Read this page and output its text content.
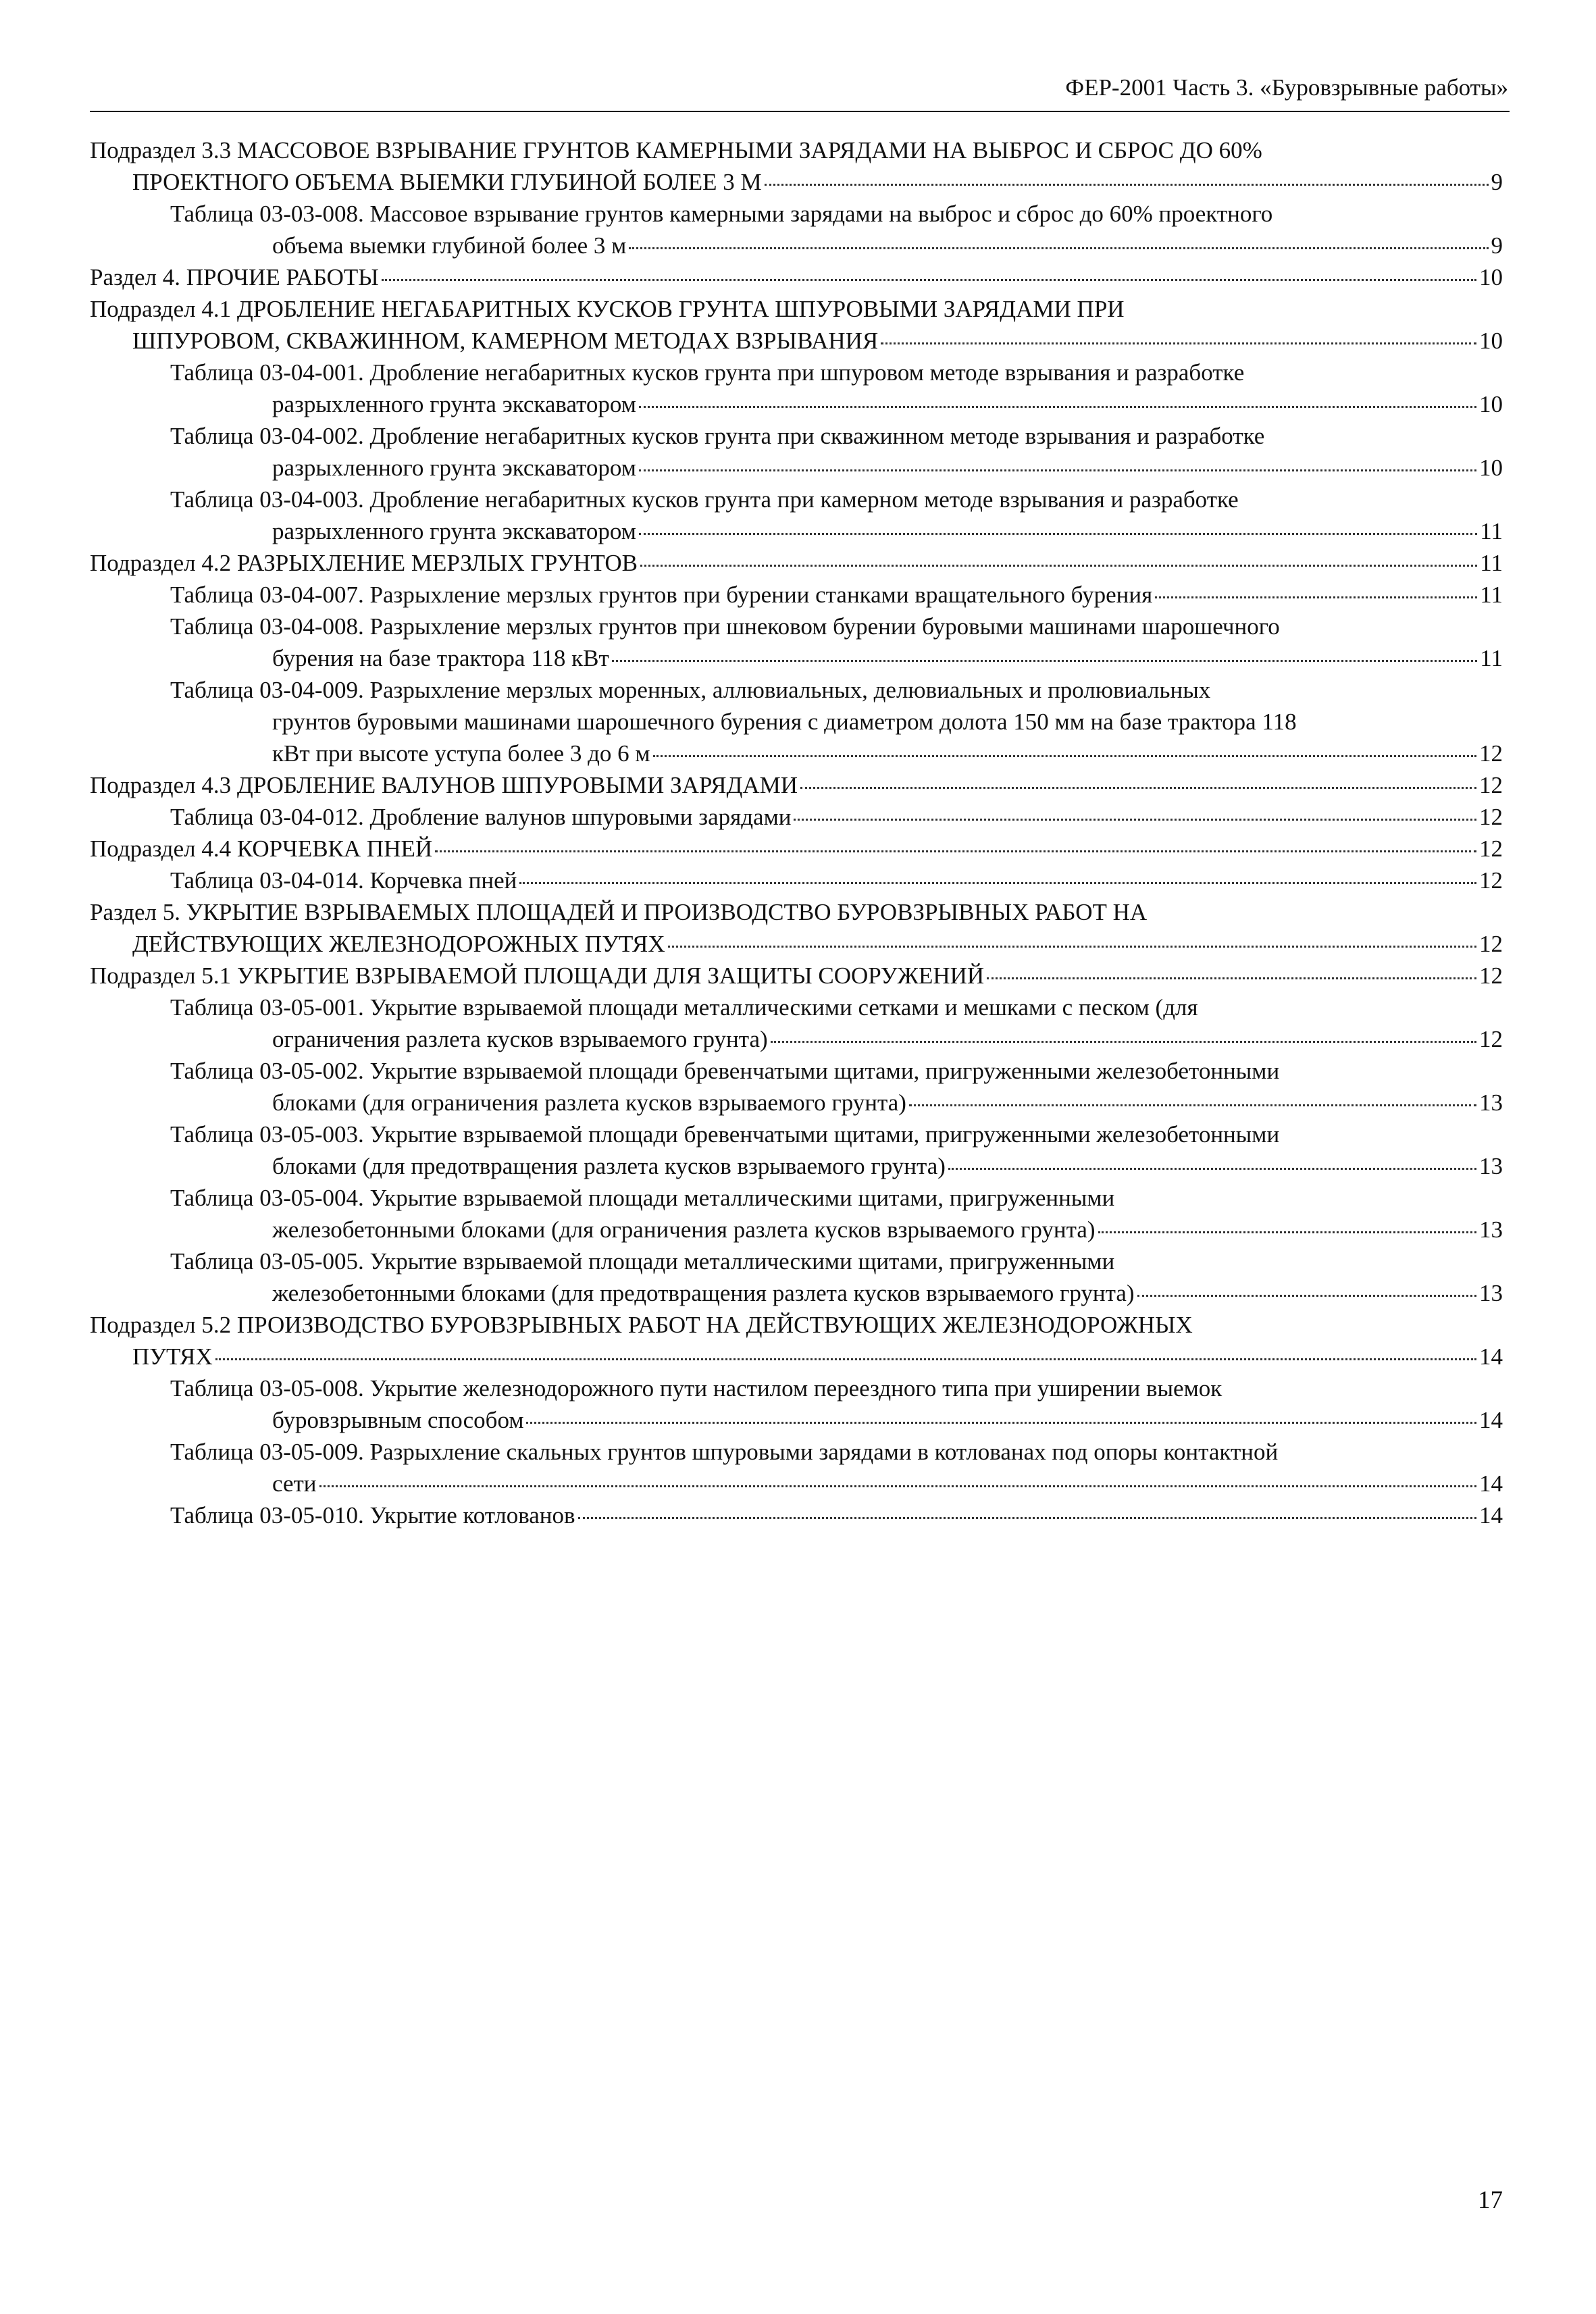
ФЕР-2001 Часть 3. «Буровзрывные работы»
Подраздел 3.3 МАССОВОЕ ВЗРЫВАНИЕ ГРУНТОВ КАМЕРНЫМИ ЗАРЯДАМИ НА ВЫБРОС И СБРОС ДО 60%
ПРОЕКТНОГО ОБЪЕМА ВЫЕМКИ ГЛУБИНОЙ БОЛЕЕ 3 М	9
Таблица 03-03-008. Массовое взрывание грунтов камерными зарядами на выброс и сброс до 60% проектного
объема выемки глубиной более 3 м	9
Раздел 4. ПРОЧИЕ РАБОТЫ	10
Подраздел 4.1 ДРОБЛЕНИЕ НЕГАБАРИТНЫХ КУСКОВ ГРУНТА ШПУРОВЫМИ ЗАРЯДАМИ ПРИ
ШПУРОВОМ, СКВАЖИННОМ, КАМЕРНОМ МЕТОДАХ ВЗРЫВАНИЯ	10
Таблица 03-04-001. Дробление негабаритных кусков грунта при шпуровом методе взрывания и разработке
разрыхленного грунта экскаватором	10
Таблица 03-04-002. Дробление негабаритных кусков грунта при скважинном методе взрывания и разработке
разрыхленного грунта экскаватором	10
Таблица 03-04-003. Дробление негабаритных кусков грунта при камерном методе взрывания и разработке
разрыхленного грунта экскаватором	11
Подраздел 4.2 РАЗРЫХЛЕНИЕ МЕРЗЛЫХ ГРУНТОВ	11
Таблица 03-04-007. Разрыхление мерзлых грунтов при бурении станками вращательного бурения	11
Таблица 03-04-008. Разрыхление мерзлых грунтов при шнековом бурении буровыми машинами шарошечного
бурения на базе трактора 118 кВт	11
Таблица 03-04-009. Разрыхление мерзлых моренных, аллювиальных, делювиальных и пролювиальных
грунтов буровыми машинами шарошечного бурения с диаметром долота 150 мм на базе трактора 118
кВт при высоте уступа более 3 до 6 м	12
Подраздел 4.3 ДРОБЛЕНИЕ ВАЛУНОВ ШПУРОВЫМИ ЗАРЯДАМИ	12
Таблица 03-04-012. Дробление валунов шпуровыми зарядами	12
Подраздел 4.4 КОРЧЕВКА ПНЕЙ	12
Таблица 03-04-014. Корчевка пней	12
Раздел 5. УКРЫТИЕ ВЗРЫВАЕМЫХ ПЛОЩАДЕЙ И ПРОИЗВОДСТВО БУРОВЗРЫВНЫХ РАБОТ НА
ДЕЙСТВУЮЩИХ ЖЕЛЕЗНОДОРОЖНЫХ ПУТЯХ	12
Подраздел 5.1 УКРЫТИЕ ВЗРЫВАЕМОЙ ПЛОЩАДИ ДЛЯ ЗАЩИТЫ СООРУЖЕНИЙ	12
Таблица 03-05-001. Укрытие взрываемой площади металлическими сетками и мешками с песком (для
ограничения разлета кусков взрываемого грунта)	12
Таблица 03-05-002. Укрытие взрываемой площади бревенчатыми щитами, пригруженными железобетонными
блоками (для ограничения разлета кусков взрываемого грунта)	13
Таблица 03-05-003. Укрытие взрываемой площади бревенчатыми щитами, пригруженными железобетонными
блоками (для предотвращения разлета кусков взрываемого грунта)	13
Таблица 03-05-004. Укрытие взрываемой площади металлическими щитами, пригруженными
железобетонными блоками (для ограничения разлета кусков взрываемого грунта)	13
Таблица 03-05-005. Укрытие взрываемой площади металлическими щитами, пригруженными
железобетонными блоками (для предотвращения разлета кусков взрываемого грунта)	13
Подраздел 5.2 ПРОИЗВОДСТВО БУРОВЗРЫВНЫХ РАБОТ НА ДЕЙСТВУЮЩИХ ЖЕЛЕЗНОДОРОЖНЫХ
ПУТЯХ	14
Таблица 03-05-008. Укрытие железнодорожного пути настилом переездного типа при уширении выемок
буровзрывным способом	14
Таблица 03-05-009. Разрыхление скальных грунтов шпуровыми зарядами в котлованах под опоры контактной
сети	14
Таблица 03-05-010. Укрытие котлованов	14
17
